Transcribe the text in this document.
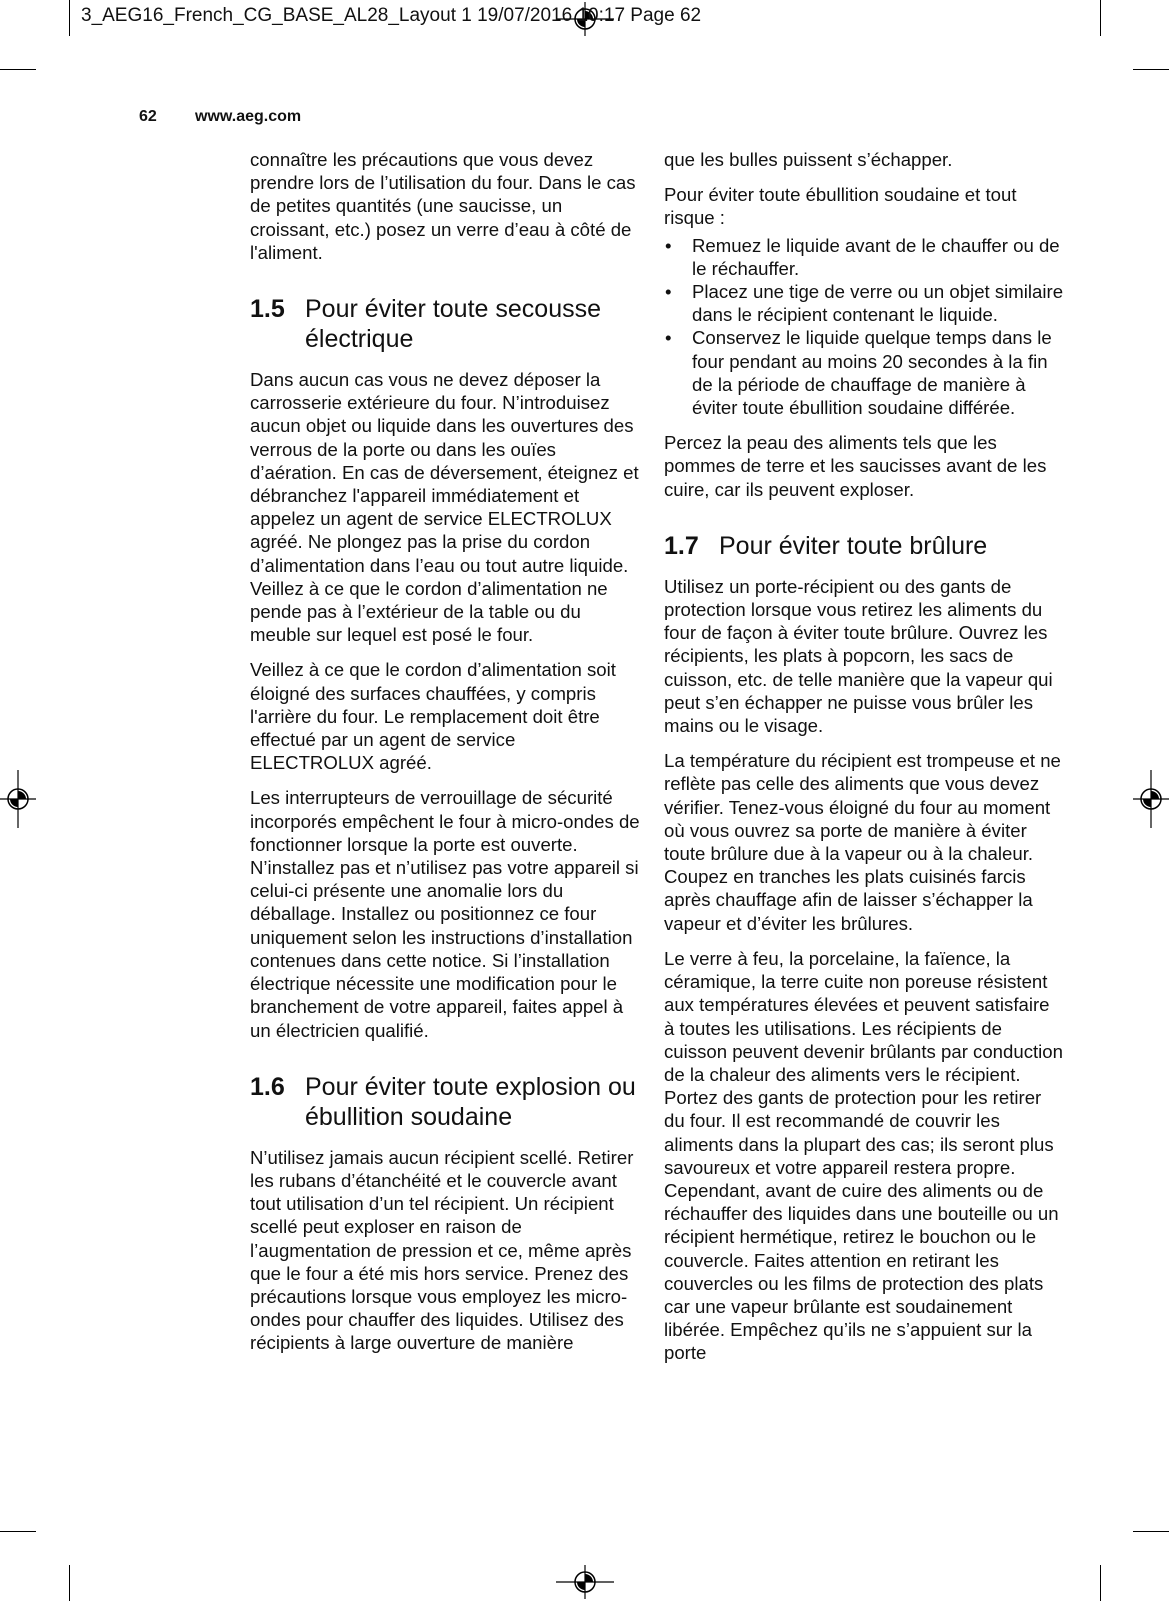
3_AEG16_French_CG_BASE_AL28_Layout 1 19/07/2016 10:17 Page 62
62 www.aeg.com

connaître les précautions que vous devez prendre lors de l’utilisation du four. Dans le cas de petites quantités (une saucisse, un croissant, etc.) posez un verre d’eau à côté de l'aliment.

1.5 Pour éviter toute secousse électrique

Dans aucun cas vous ne devez déposer la carrosserie extérieure du four. N’introduisez aucun objet ou liquide dans les ouvertures des verrous de la porte ou dans les ouïes d’aération. En cas de déversement, éteignez et débranchez l'appareil immédiatement et appelez un agent de service ELECTROLUX agréé. Ne plongez pas la prise du cordon d’alimentation dans l’eau ou tout autre liquide. Veillez à ce que le cordon d’alimentation ne pende pas à l’extérieur de la table ou du meuble sur lequel est posé le four.

Veillez à ce que le cordon d’alimentation soit éloigné des surfaces chauffées, y compris l'arrière du four. Le remplacement doit être effectué par un agent de service ELECTROLUX agréé.

Les interrupteurs de verrouillage de sécurité incorporés empêchent le four à micro-ondes de fonctionner lorsque la porte est ouverte. N’installez pas et n’utilisez pas votre appareil si celui-ci présente une anomalie lors du déballage. Installez ou positionnez ce four uniquement selon les instructions d’installation contenues dans cette notice. Si l’installation électrique nécessite une modification pour le branchement de votre appareil, faites appel à un électricien qualifié.

1.6 Pour éviter toute explosion ou ébullition soudaine

N’utilisez jamais aucun récipient scellé. Retirer les rubans d’étanchéité et le couvercle avant tout utilisation d’un tel récipient. Un récipient scellé peut exploser en raison de l’augmentation de pression et ce, même après que le four a été mis hors service. Prenez des précautions lorsque vous employez les micro-ondes pour chauffer des liquides. Utilisez des récipients à large ouverture de manière

que les bulles puissent s’échapper.

Pour éviter toute ébullition soudaine et tout risque :

•	Remuez le liquide avant de le chauffer ou de le réchauffer.
•	Placez une tige de verre ou un objet similaire dans le récipient contenant le liquide.
•	Conservez le liquide quelque temps dans le four pendant au moins 20 secondes à la fin de la période de chauffage de manière à éviter toute ébullition soudaine différée.

Percez la peau des aliments tels que les pommes de terre et les saucisses avant de les cuire, car ils peuvent exploser.

1.7 Pour éviter toute brûlure

Utilisez un porte-récipient ou des gants de protection lorsque vous retirez les aliments du four de façon à éviter toute brûlure. Ouvrez les récipients, les plats à popcorn, les sacs de cuisson, etc. de telle manière que la vapeur qui peut s’en échapper ne puisse vous brûler les mains ou le visage.

La température du récipient est trompeuse et ne reflète pas celle des aliments que vous devez vérifier. Tenez-vous éloigné du four au moment où vous ouvrez sa porte de manière à éviter toute brûlure due à la vapeur ou à la chaleur. Coupez en tranches les plats cuisinés farcis après chauffage afin de laisser s’échapper la vapeur et d’éviter les brûlures.

Le verre à feu, la porcelaine, la faïence, la céramique, la terre cuite non poreuse résistent aux températures élevées et peuvent satisfaire à toutes les utilisations. Les récipients de cuisson peuvent devenir brûlants par conduction de la chaleur des aliments vers le récipient. Portez des gants de protection pour les retirer du four. Il est recommandé de couvrir les aliments dans la plupart des cas; ils seront plus savoureux et votre appareil restera propre. Cependant, avant de cuire des aliments ou de réchauffer des liquides dans une bouteille ou un récipient hermétique, retirez le bouchon ou le couvercle. Faites attention en retirant les couvercles ou les films de protection des plats car une vapeur brûlante est soudainement libérée. Empêchez qu’ils ne s’appuient sur la porte
